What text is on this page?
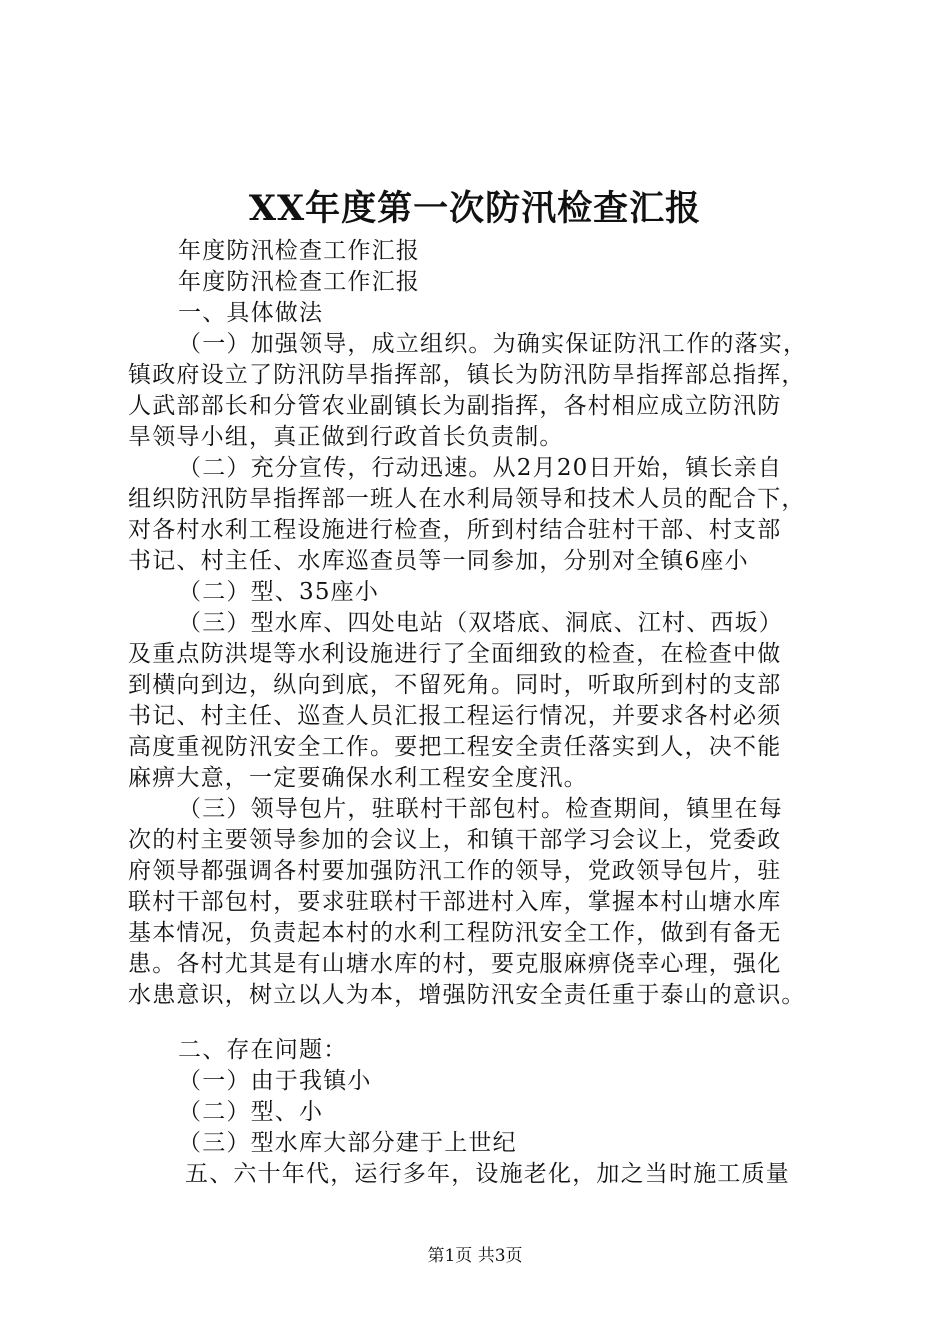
XX年度第一次防汛检查汇报
年度防汛检查工作汇报
年度防汛检查工作汇报
一、具体做法
（一）加强领导，成立组织。为确实保证防汛工作的落实，
镇政府设立了防汛防旱指挥部，镇长为防汛防旱指挥部总指挥，
人武部部长和分管农业副镇长为副指挥，各村相应成立防汛防
旱领导小组，真正做到行政首长负责制。
（二）充分宣传，行动迅速。从2月20日开始，镇长亲自
组织防汛防旱指挥部一班人在水利局领导和技术人员的配合下，
对各村水利工程设施进行检查，所到村结合驻村干部、村支部
书记、村主任、水库巡查员等一同参加，分别对全镇6座小
（二）型、35座小
（三）型水库、四处电站（双塔底、洞底、江村、西坂）
及重点防洪堤等水利设施进行了全面细致的检查，在检查中做
到横向到边，纵向到底，不留死角。同时，听取所到村的支部
书记、村主任、巡查人员汇报工程运行情况，并要求各村必须
高度重视防汛安全工作。要把工程安全责任落实到人，决不能
麻痹大意，一定要确保水利工程安全度汛。
（三）领导包片，驻联村干部包村。检查期间，镇里在每
次的村主要领导参加的会议上，和镇干部学习会议上，党委政
府领导都强调各村要加强防汛工作的领导，党政领导包片，驻
联村干部包村，要求驻联村干部进村入库，掌握本村山塘水库
基本情况，负责起本村的水利工程防汛安全工作，做到有备无
患。各村尤其是有山塘水库的村，要克服麻痹侥幸心理，强化
水患意识，树立以人为本，增强防汛安全责任重于泰山的意识。
二、存在问题：
（一）由于我镇小
（二）型、小
（三）型水库大部分建于上世纪
五、六十年代，运行多年，设施老化，加之当时施工质量
第1页 共3页
